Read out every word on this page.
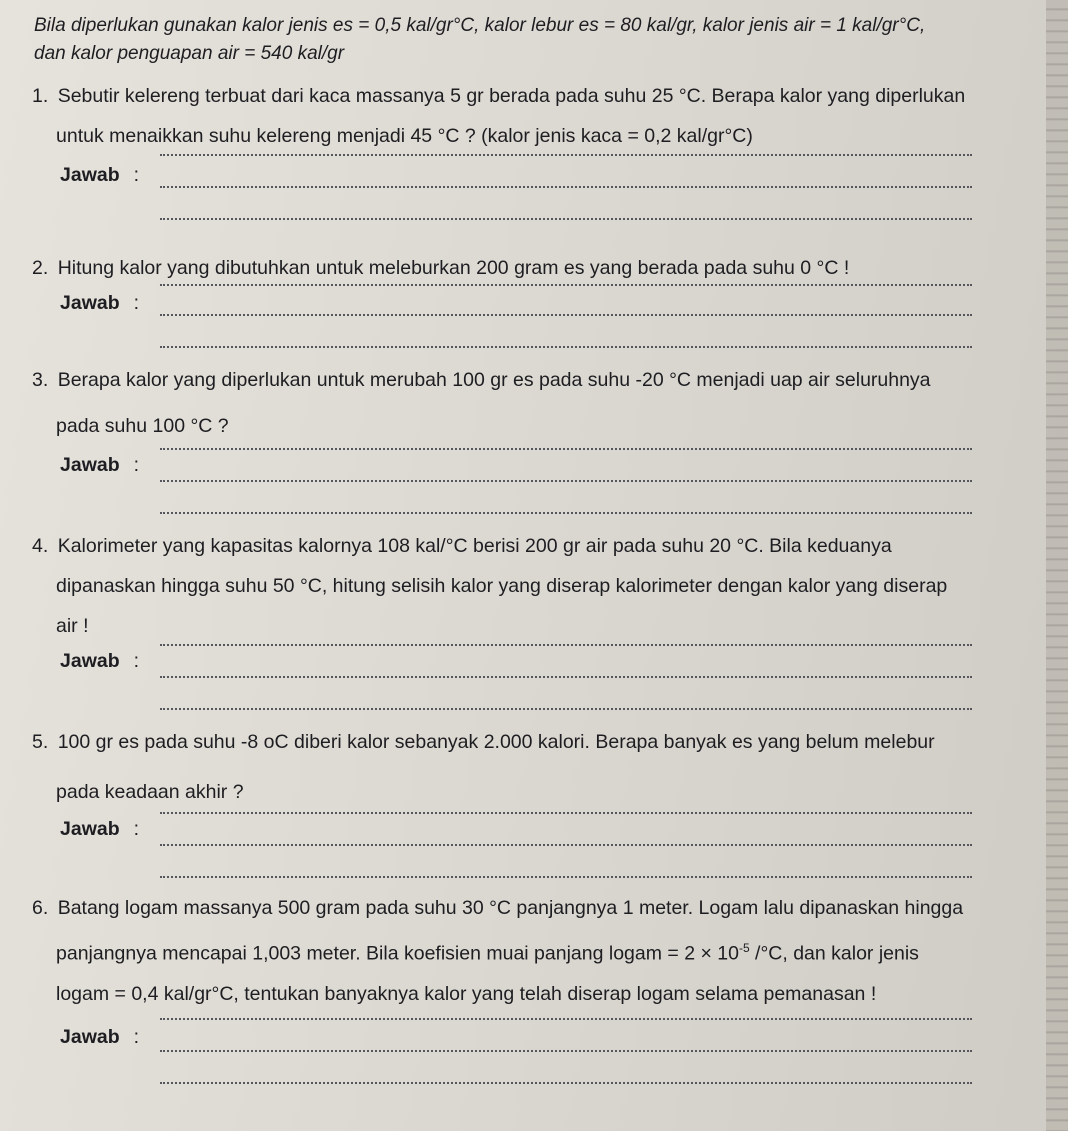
Bila diperlukan gunakan kalor jenis es = 0,5 kal/gr°C, kalor lebur es = 80 kal/gr, kalor jenis air = 1 kal/gr°C,
dan kalor penguapan air = 540 kal/gr
1. Sebutir kelereng terbuat dari kaca massanya 5 gr berada pada suhu 25 °C. Berapa kalor yang diperlukan
untuk menaikkan suhu kelereng menjadi 45 °C ? (kalor jenis kaca = 0,2 kal/gr°C)
Jawab :
2. Hitung kalor yang dibutuhkan untuk meleburkan 200 gram es yang berada pada suhu 0 °C !
Jawab :
3. Berapa kalor yang diperlukan untuk merubah 100 gr es pada suhu -20 °C menjadi uap air seluruhnya
pada suhu 100 °C ?
Jawab :
4. Kalorimeter yang kapasitas kalornya 108 kal/°C berisi 200 gr air pada suhu 20 °C. Bila keduanya
dipanaskan hingga suhu 50 °C, hitung selisih kalor yang diserap kalorimeter dengan kalor yang diserap
air !
Jawab :
5. 100 gr es pada suhu -8 oC diberi kalor sebanyak 2.000 kalori. Berapa banyak es yang belum melebur
pada keadaan akhir ?
Jawab :
6. Batang logam massanya 500 gram pada suhu 30 °C panjangnya 1 meter. Logam lalu dipanaskan hingga
panjangnya mencapai 1,003 meter. Bila koefisien muai panjang logam = $2 \times 10^{-5}$ /°C, dan kalor jenis
logam = 0,4 kal/gr°C, tentukan banyaknya kalor yang telah diserap logam selama pemanasan !
Jawab :
